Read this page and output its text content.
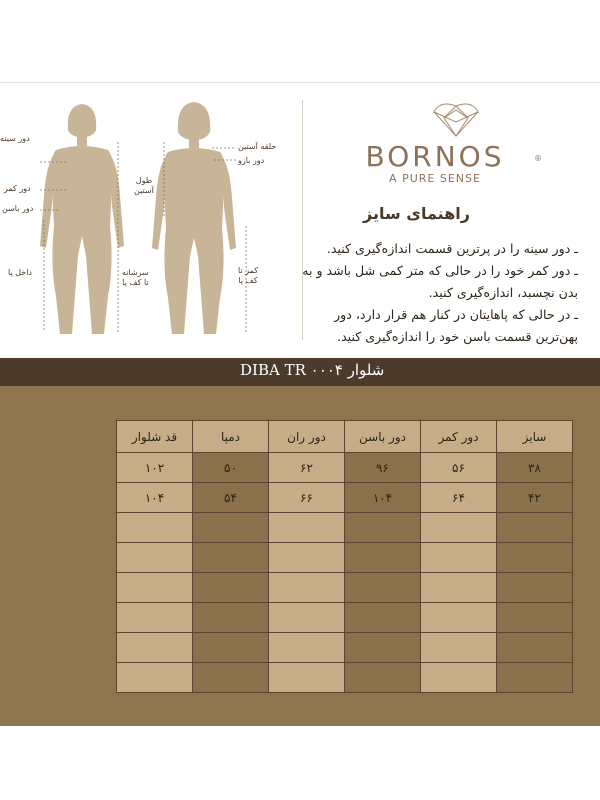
دور سینه
دور کمر
دور باسن
داخل پا	سرشانه
تا کف پا
طول
آستین
حلقه آستین
دور بازو
کمر تا
کف پا
BORNOS	®
A PURE SENSE
راهنمای سایز

ـ دور سینه را در پرترین قسمت اندازه‌گیری کنید.

ـ دور کمر خود را در حالی که متر کمی شل باشد و به بدن نچسبد، اندازه‌گیری کنید.

ـ در حالی که پاهایتان در کنار هم قرار دارد، دور پهن‌ترین قسمت باسن خود را اندازه‌گیری کنید.

شلوار DIBA TR ۰۰۰۴
سایز	دور کمر	دور باسن	دور ران	دمپا	قد شلوار
۳۸	۵۶	۹۶	۶۲	۵۰	۱۰۲
۴۲	۶۴	۱۰۴	۶۶	۵۴	۱۰۴
